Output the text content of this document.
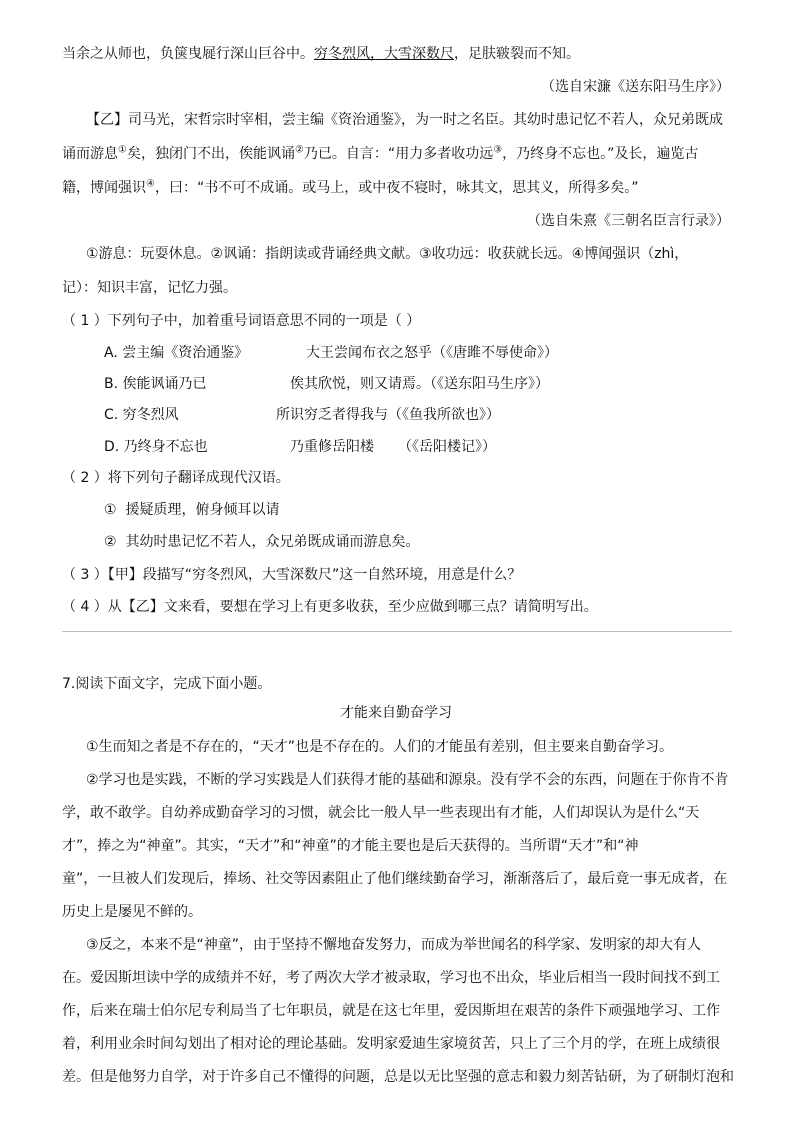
当余之从师也，负箧曳屣行深山巨谷中。穷冬烈风，大雪深数尺，足肤皲裂而不知。
（选自宋濂《送东阳马生序》）
【乙】司马光，宋哲宗时宰相，尝主编《资治通鉴》，为一时之名臣。其幼时患记忆不若人，众兄弟既成
诵而游息①矣，独闭门不出，俟能讽诵②乃已。自言：“用力多者收功远③，乃终身不忘也。”及长，遍览古
籍，博闻强识④，曰：“书不可不成诵。或马上，或中夜不寝时，咏其文，思其义，所得多矣。”
（选自朱熹《三朝名臣言行录》）
①游息：玩耍休息。②讽诵：指朗读或背诵经典文献。③收功远：收获就长远。④博闻强识（zhì，
记）：知识丰富，记忆力强。
（ 1 ）下列句子中，加着重号词语意思不同的一项是（ ）
A. 尝主编《资治通鉴》	大王尝闻布衣之怒乎（《唐雎不辱使命》）
B. 俟能讽诵乃已	俟其欣悦，则又请焉。（《送东阳马生序》）
C. 穷冬烈风	所识穷乏者得我与（《鱼我所欲也》）
D. 乃终身不忘也	乃重修岳阳楼 （《岳阳楼记》）
（ 2 ）将下列句子翻译成现代汉语。
① 援疑质理，俯身倾耳以请
② 其幼时患记忆不若人，众兄弟既成诵而游息矣。
（ 3 ）【甲】段描写“穷冬烈风，大雪深数尺”这一自然环境，用意是什么？
（ 4 ）从【乙】文来看，要想在学习上有更多收获，至少应做到哪三点？请简明写出。
7.阅读下面文字，完成下面小题。
才能来自勤奋学习
①生而知之者是不存在的，“天才”也是不存在的。人们的才能虽有差别，但主要来自勤奋学习。
②学习也是实践，不断的学习实践是人们获得才能的基础和源泉。没有学不会的东西，问题在于你肯不肯
学，敢不敢学。自幼养成勤奋学习的习惯，就会比一般人早一些表现出有才能，人们却误认为是什么“天
才”，捧之为“神童”。其实，“天才”和“神童”的才能主要也是后天获得的。当所谓“天才”和“神
童”，一旦被人们发现后，捧场、社交等因素阻止了他们继续勤奋学习，渐渐落后了，最后竟一事无成者，在
历史上是屡见不鲜的。
③反之，本来不是“神童”，由于坚持不懈地奋发努力，而成为举世闻名的科学家、发明家的却大有人
在。爱因斯坦读中学的成绩并不好，考了两次大学才被录取，学习也不出众，毕业后相当一段时间找不到工
作，后来在瑞士伯尔尼专利局当了七年职员，就是在这七年里，爱因斯坦在艰苦的条件下顽强地学习、工作
着，利用业余时间勾划出了相对论的理论基础。发明家爱迪生家境贫苦，只上了三个月的学，在班上成绩很
差。但是他努力自学，对于许多自己不懂得的问题，总是以无比坚强的意志和毅力刻苦钻研，为了研制灯泡和
